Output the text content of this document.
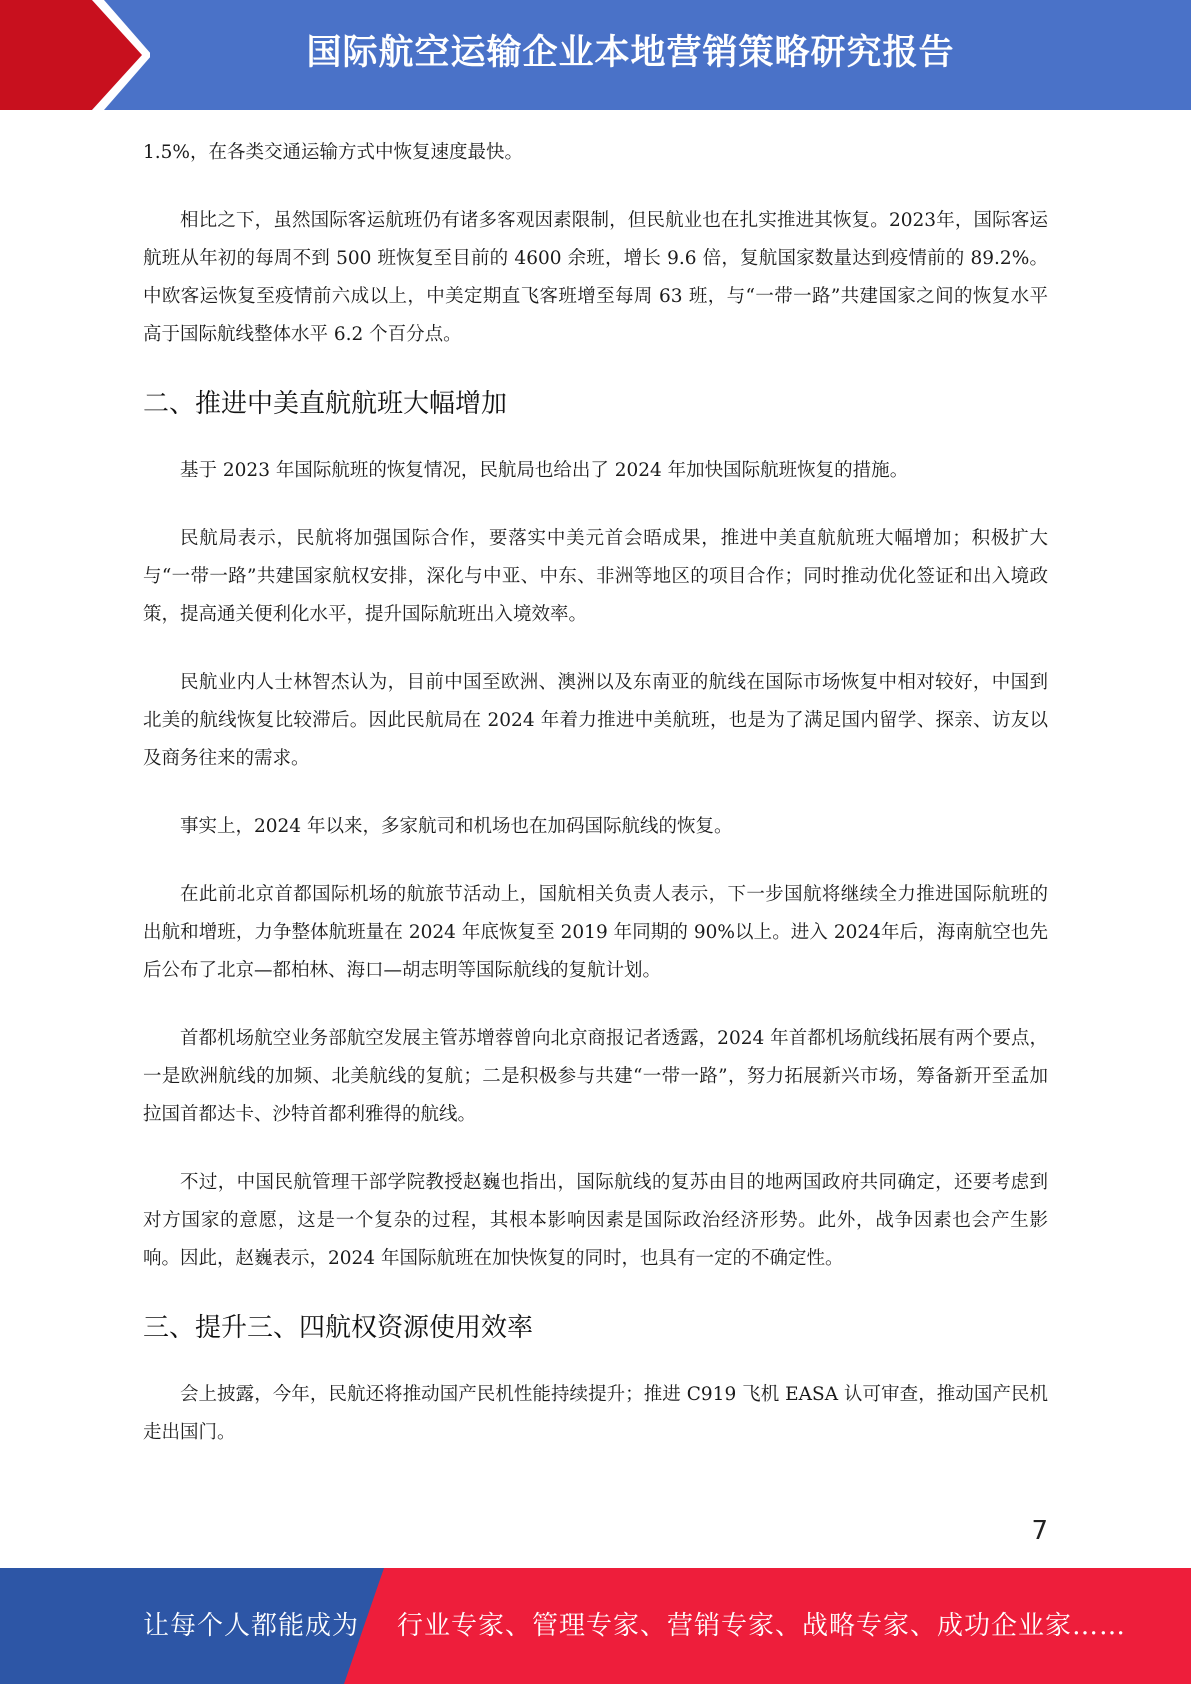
国际航空运输企业本地营销策略研究报告

1.5%，在各类交通运输方式中恢复速度最快。

相比之下，虽然国际客运航班仍有诸多客观因素限制，但民航业也在扎实推进其恢复。2023年，国际客运航班从年初的每周不到 500 班恢复至目前的 4600 余班，增长 9.6 倍，复航国家数量达到疫情前的 89.2%。中欧客运恢复至疫情前六成以上，中美定期直飞客班增至每周 63 班，与“一带一路”共建国家之间的恢复水平高于国际航线整体水平 6.2 个百分点。

二、推进中美直航航班大幅增加

基于 2023 年国际航班的恢复情况，民航局也给出了 2024 年加快国际航班恢复的措施。

民航局表示，民航将加强国际合作，要落实中美元首会晤成果，推进中美直航航班大幅增加；积极扩大与“一带一路”共建国家航权安排，深化与中亚、中东、非洲等地区的项目合作；同时推动优化签证和出入境政策，提高通关便利化水平，提升国际航班出入境效率。

民航业内人士林智杰认为，目前中国至欧洲、澳洲以及东南亚的航线在国际市场恢复中相对较好，中国到北美的航线恢复比较滞后。因此民航局在 2024 年着力推进中美航班，也是为了满足国内留学、探亲、访友以及商务往来的需求。

事实上，2024 年以来，多家航司和机场也在加码国际航线的恢复。

在此前北京首都国际机场的航旅节活动上，国航相关负责人表示，下一步国航将继续全力推进国际航班的出航和增班，力争整体航班量在 2024 年底恢复至 2019 年同期的 90%以上。进入 2024年后，海南航空也先后公布了北京—都柏林、海口—胡志明等国际航线的复航计划。

首都机场航空业务部航空发展主管苏增蓉曾向北京商报记者透露，2024 年首都机场航线拓展有两个要点，一是欧洲航线的加频、北美航线的复航；二是积极参与共建“一带一路”，努力拓展新兴市场，筹备新开至孟加拉国首都达卡、沙特首都利雅得的航线。

不过，中国民航管理干部学院教授赵巍也指出，国际航线的复苏由目的地两国政府共同确定，还要考虑到对方国家的意愿，这是一个复杂的过程，其根本影响因素是国际政治经济形势。此外，战争因素也会产生影响。因此，赵巍表示，2024 年国际航班在加快恢复的同时，也具有一定的不确定性。

三、提升三、四航权资源使用效率

会上披露，今年，民航还将推动国产民机性能持续提升；推进 C919 飞机 EASA 认可审查，推动国产民机走出国门。

7
让每个人都能成为 行业专家、管理专家、营销专家、战略专家、成功企业家……
